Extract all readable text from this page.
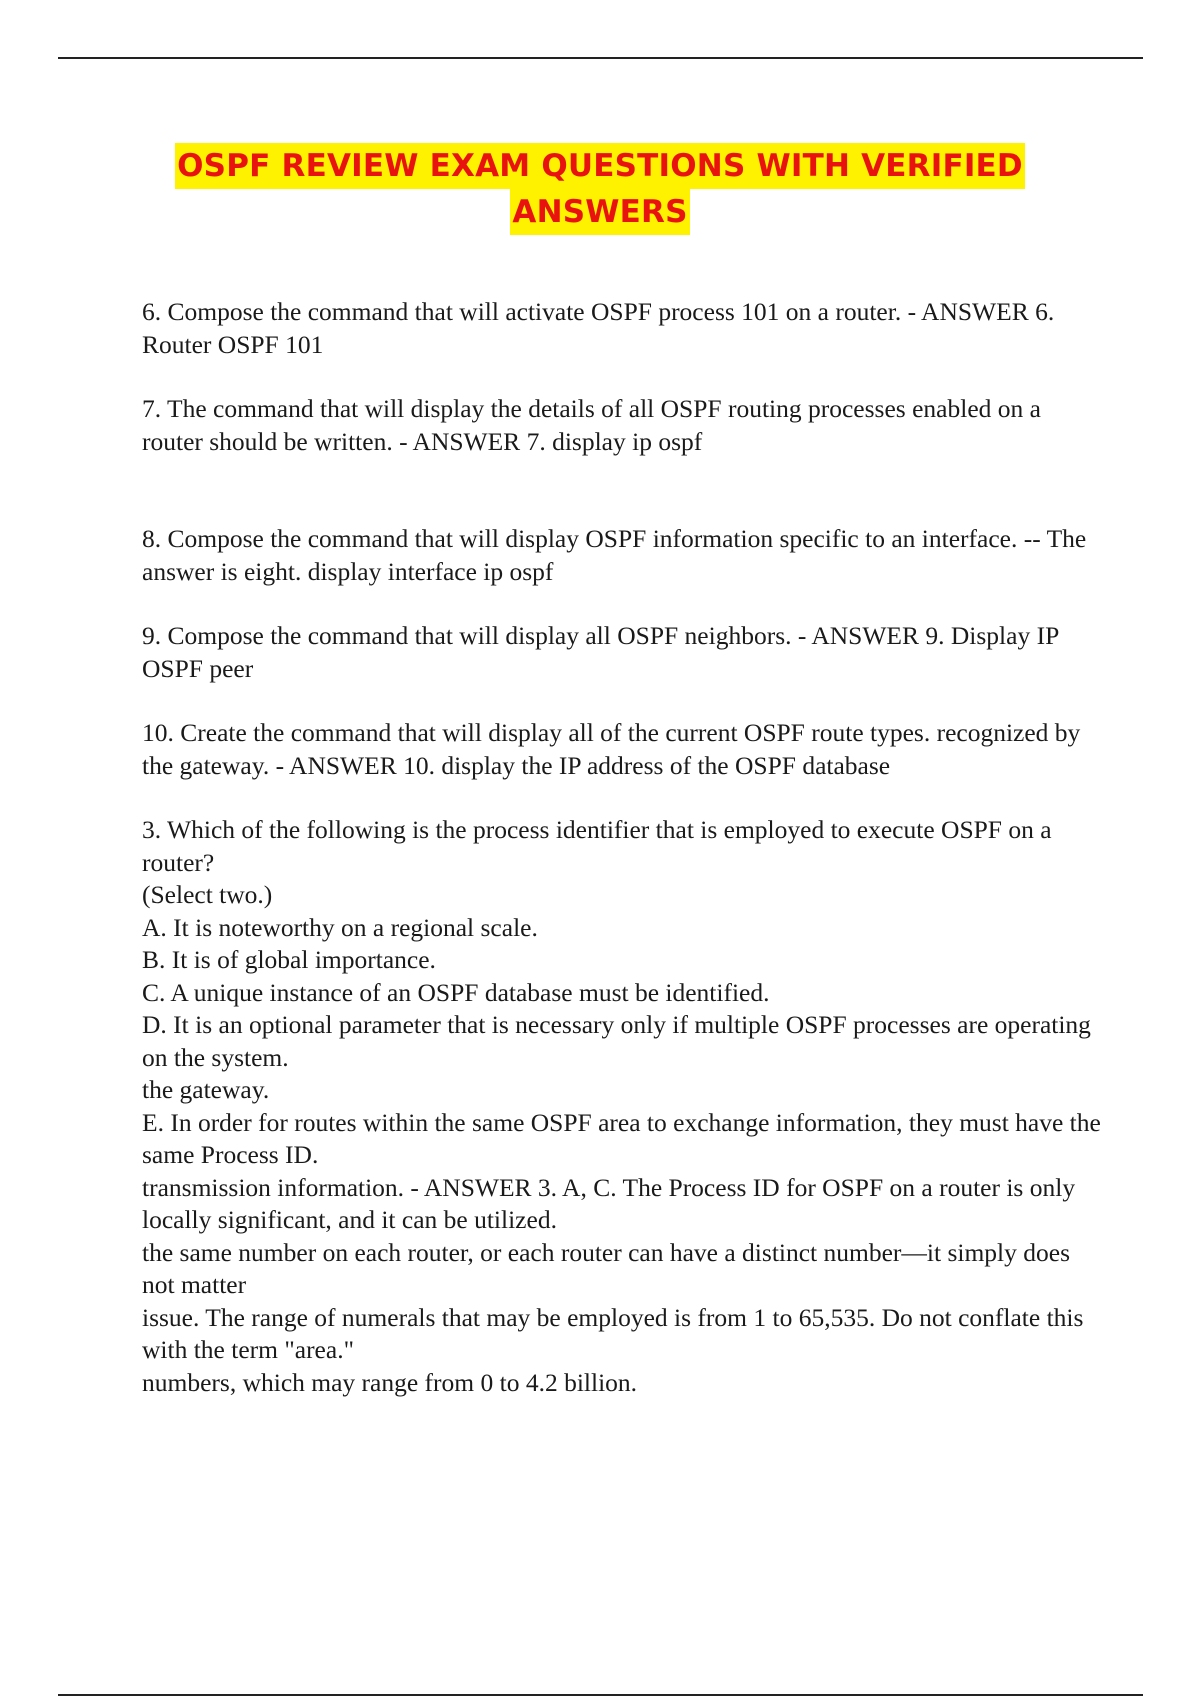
OSPF REVIEW EXAM QUESTIONS WITH VERIFIED
ANSWERS

6. Compose the command that will activate OSPF process 101 on a router. - ANSWER 6. Router OSPF 101

7. The command that will display the details of all OSPF routing processes enabled on a router should be written. - ANSWER 7. display ip ospf

8. Compose the command that will display OSPF information specific to an interface. -- The answer is eight. display interface ip ospf

9. Compose the command that will display all OSPF neighbors. - ANSWER 9. Display IP OSPF peer

10. Create the command that will display all of the current OSPF route types. recognized by the gateway. - ANSWER 10. display the IP address of the OSPF database

3. Which of the following is the process identifier that is employed to execute OSPF on a router?
(Select two.)
A. It is noteworthy on a regional scale.
B. It is of global importance.
C. A unique instance of an OSPF database must be identified.
D. It is an optional parameter that is necessary only if multiple OSPF processes are operating on the system.
the gateway.
E. In order for routes within the same OSPF area to exchange information, they must have the same Process ID.
transmission information. - ANSWER 3. A, C. The Process ID for OSPF on a router is only locally significant, and it can be utilized.
the same number on each router, or each router can have a distinct number—it simply does not matter
issue. The range of numerals that may be employed is from 1 to 65,535. Do not conflate this with the term "area."
numbers, which may range from 0 to 4.2 billion.
